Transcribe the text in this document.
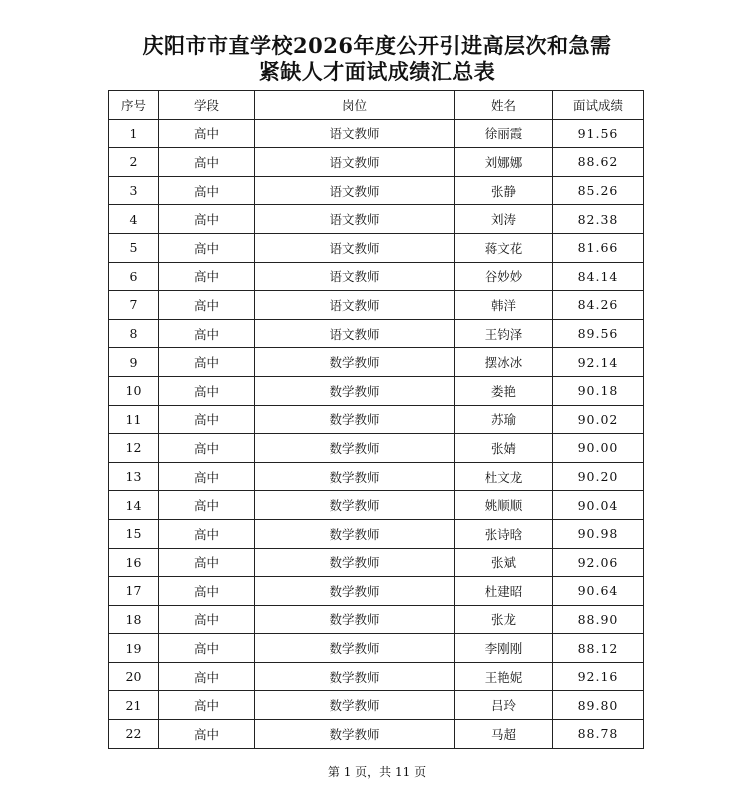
庆阳市市直学校2026年度公开引进高层次和急需
紧缺人才面试成绩汇总表
序号	学段	岗位	姓名	面试成绩
1	高中	语文教师	徐丽霞	91.56
2	高中	语文教师	刘娜娜	88.62
3	高中	语文教师	张静	85.26
4	高中	语文教师	刘涛	82.38
5	高中	语文教师	蒋文花	81.66
6	高中	语文教师	谷妙妙	84.14
7	高中	语文教师	韩洋	84.26
8	高中	语文教师	王钧泽	89.56
9	高中	数学教师	摆冰冰	92.14
10	高中	数学教师	娄艳	90.18
11	高中	数学教师	苏瑜	90.02
12	高中	数学教师	张婧	90.00
13	高中	数学教师	杜文龙	90.20
14	高中	数学教师	姚顺顺	90.04
15	高中	数学教师	张诗晗	90.98
16	高中	数学教师	张斌	92.06
17	高中	数学教师	杜建昭	90.64
18	高中	数学教师	张龙	88.90
19	高中	数学教师	李刚刚	88.12
20	高中	数学教师	王艳妮	92.16
21	高中	数学教师	吕玲	89.80
22	高中	数学教师	马超	88.78
第 1 页，共 11 页
